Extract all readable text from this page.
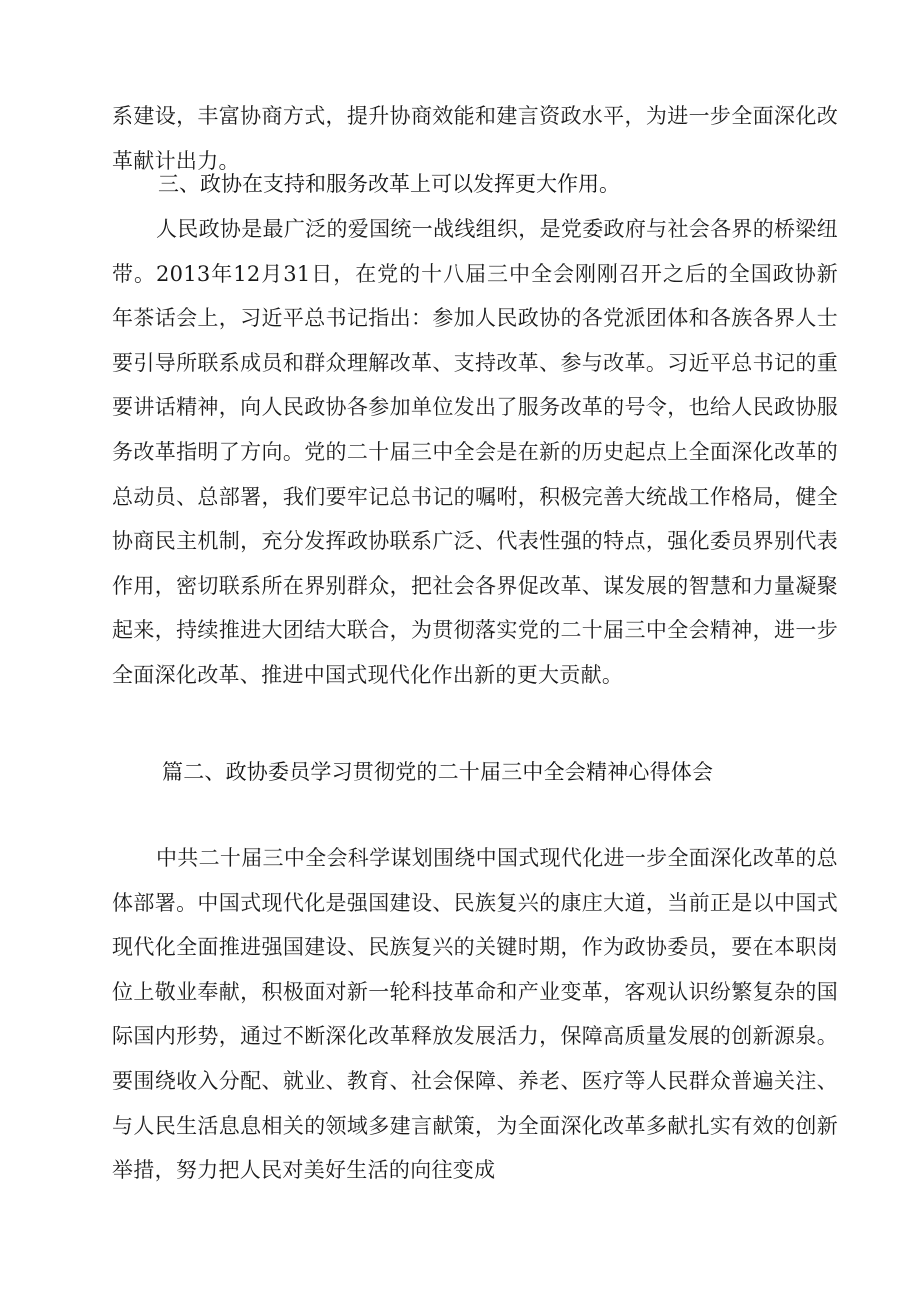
系建设，丰富协商方式，提升协商效能和建言资政水平，为进一步全面深化改革献计出力。

三、政协在支持和服务改革上可以发挥更大作用。

人民政协是最广泛的爱国统一战线组织，是党委政府与社会各界的桥梁纽带。2013年12月31日，在党的十八届三中全会刚刚召开之后的全国政协新年茶话会上，习近平总书记指出：参加人民政协的各党派团体和各族各界人士要引导所联系成员和群众理解改革、支持改革、参与改革。习近平总书记的重要讲话精神，向人民政协各参加单位发出了服务改革的号令，也给人民政协服务改革指明了方向。党的二十届三中全会是在新的历史起点上全面深化改革的总动员、总部署，我们要牢记总书记的嘱咐，积极完善大统战工作格局，健全协商民主机制，充分发挥政协联系广泛、代表性强的特点，强化委员界别代表作用，密切联系所在界别群众，把社会各界促改革、谋发展的智慧和力量凝聚起来，持续推进大团结大联合，为贯彻落实党的二十届三中全会精神，进一步全面深化改革、推进中国式现代化作出新的更大贡献。

篇二、政协委员学习贯彻党的二十届三中全会精神心得体会

中共二十届三中全会科学谋划围绕中国式现代化进一步全面深化改革的总体部署。中国式现代化是强国建设、民族复兴的康庄大道，当前正是以中国式现代化全面推进强国建设、民族复兴的关键时期，作为政协委员，要在本职岗位上敬业奉献，积极面对新一轮科技革命和产业变革，客观认识纷繁复杂的国际国内形势，通过不断深化改革释放发展活力，保障高质量发展的创新源泉。要围绕收入分配、就业、教育、社会保障、养老、医疗等人民群众普遍关注、与人民生活息息相关的领域多建言献策，为全面深化改革多献扎实有效的创新举措，努力把人民对美好生活的向往变成
